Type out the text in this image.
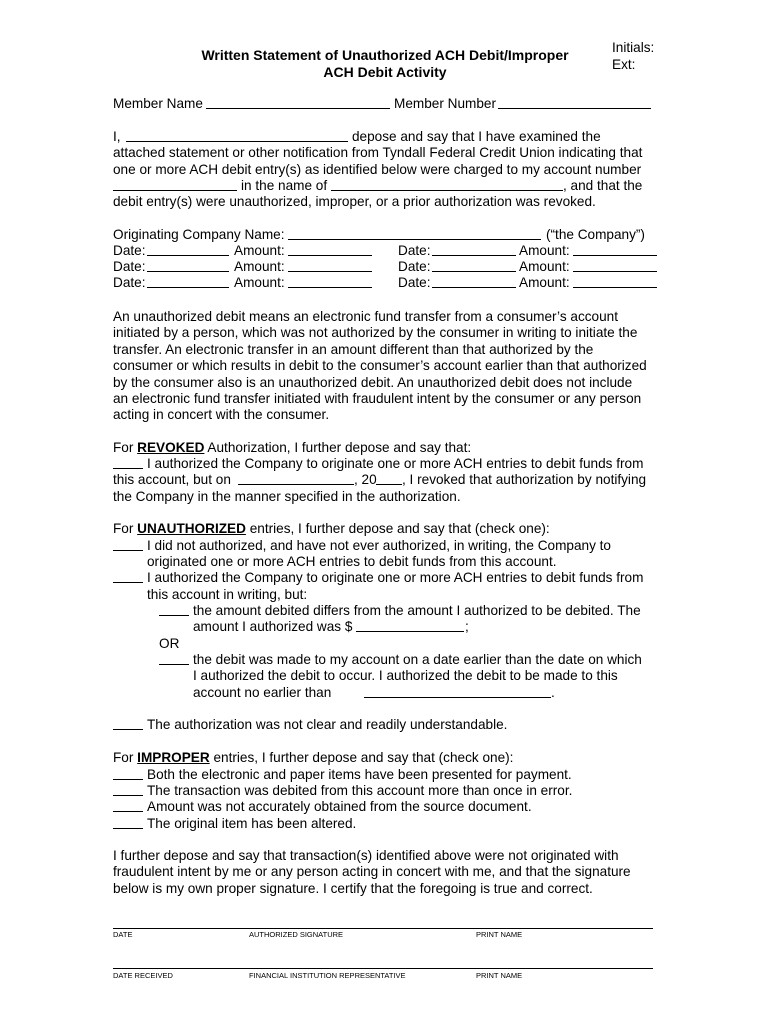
Written Statement of Unauthorized ACH Debit/Improper
ACH Debit Activity
Initials:
Ext:
Member Name	Member Number
I,	depose and say that I have examined the
attached statement or other notification from Tyndall Federal Credit Union indicating that
one or more ACH debit entry(s) as identified below were charged to my account number
in the name of	, and that the
debit entry(s) were unauthorized, improper, or a prior authorization was revoked.
Originating Company Name:	(“the Company”)
Date:	Amount:	Date:	Amount:
Date:	Amount:	Date:	Amount:
Date:	Amount:	Date:	Amount:
An unauthorized debit means an electronic fund transfer from a consumer’s account
initiated by a person, which was not authorized by the consumer in writing to initiate the
transfer. An electronic transfer in an amount different than that authorized by the
consumer or which results in debit to the consumer’s account earlier than that authorized
by the consumer also is an unauthorized debit. An unauthorized debit does not include
an electronic fund transfer initiated with fraudulent intent by the consumer or any person
acting in concert with the consumer.
For REVOKED Authorization, I further depose and say that:
I authorized the Company to originate one or more ACH entries to debit funds from
this account, but on	, 20 , I revoked that authorization by notifying
the Company in the manner specified in the authorization.
For UNAUTHORIZED entries, I further depose and say that (check one):
I did not authorized, and have not ever authorized, in writing, the Company to
originated one or more ACH entries to debit funds from this account.
I authorized the Company to originate one or more ACH entries to debit funds from
this account in writing, but:
the amount debited differs from the amount I authorized to be debited. The
amount I authorized was $	;
OR
the debit was made to my account on a date earlier than the date on which
I authorized the debit to occur. I authorized the debit to be made to this
account no earlier than	.
The authorization was not clear and readily understandable.
For IMPROPER entries, I further depose and say that (check one):
Both the electronic and paper items have been presented for payment.
The transaction was debited from this account more than once in error.
Amount was not accurately obtained from the source document.
The original item has been altered.
I further depose and say that transaction(s) identified above were not originated with
fraudulent intent by me or any person acting in concert with me, and that the signature
below is my own proper signature. I certify that the foregoing is true and correct.
DATE	AUTHORIZED SIGNATURE	PRINT NAME
DATE RECEIVED	FINANCIAL INSTITUTION REPRESENTATIVE	PRINT NAME
